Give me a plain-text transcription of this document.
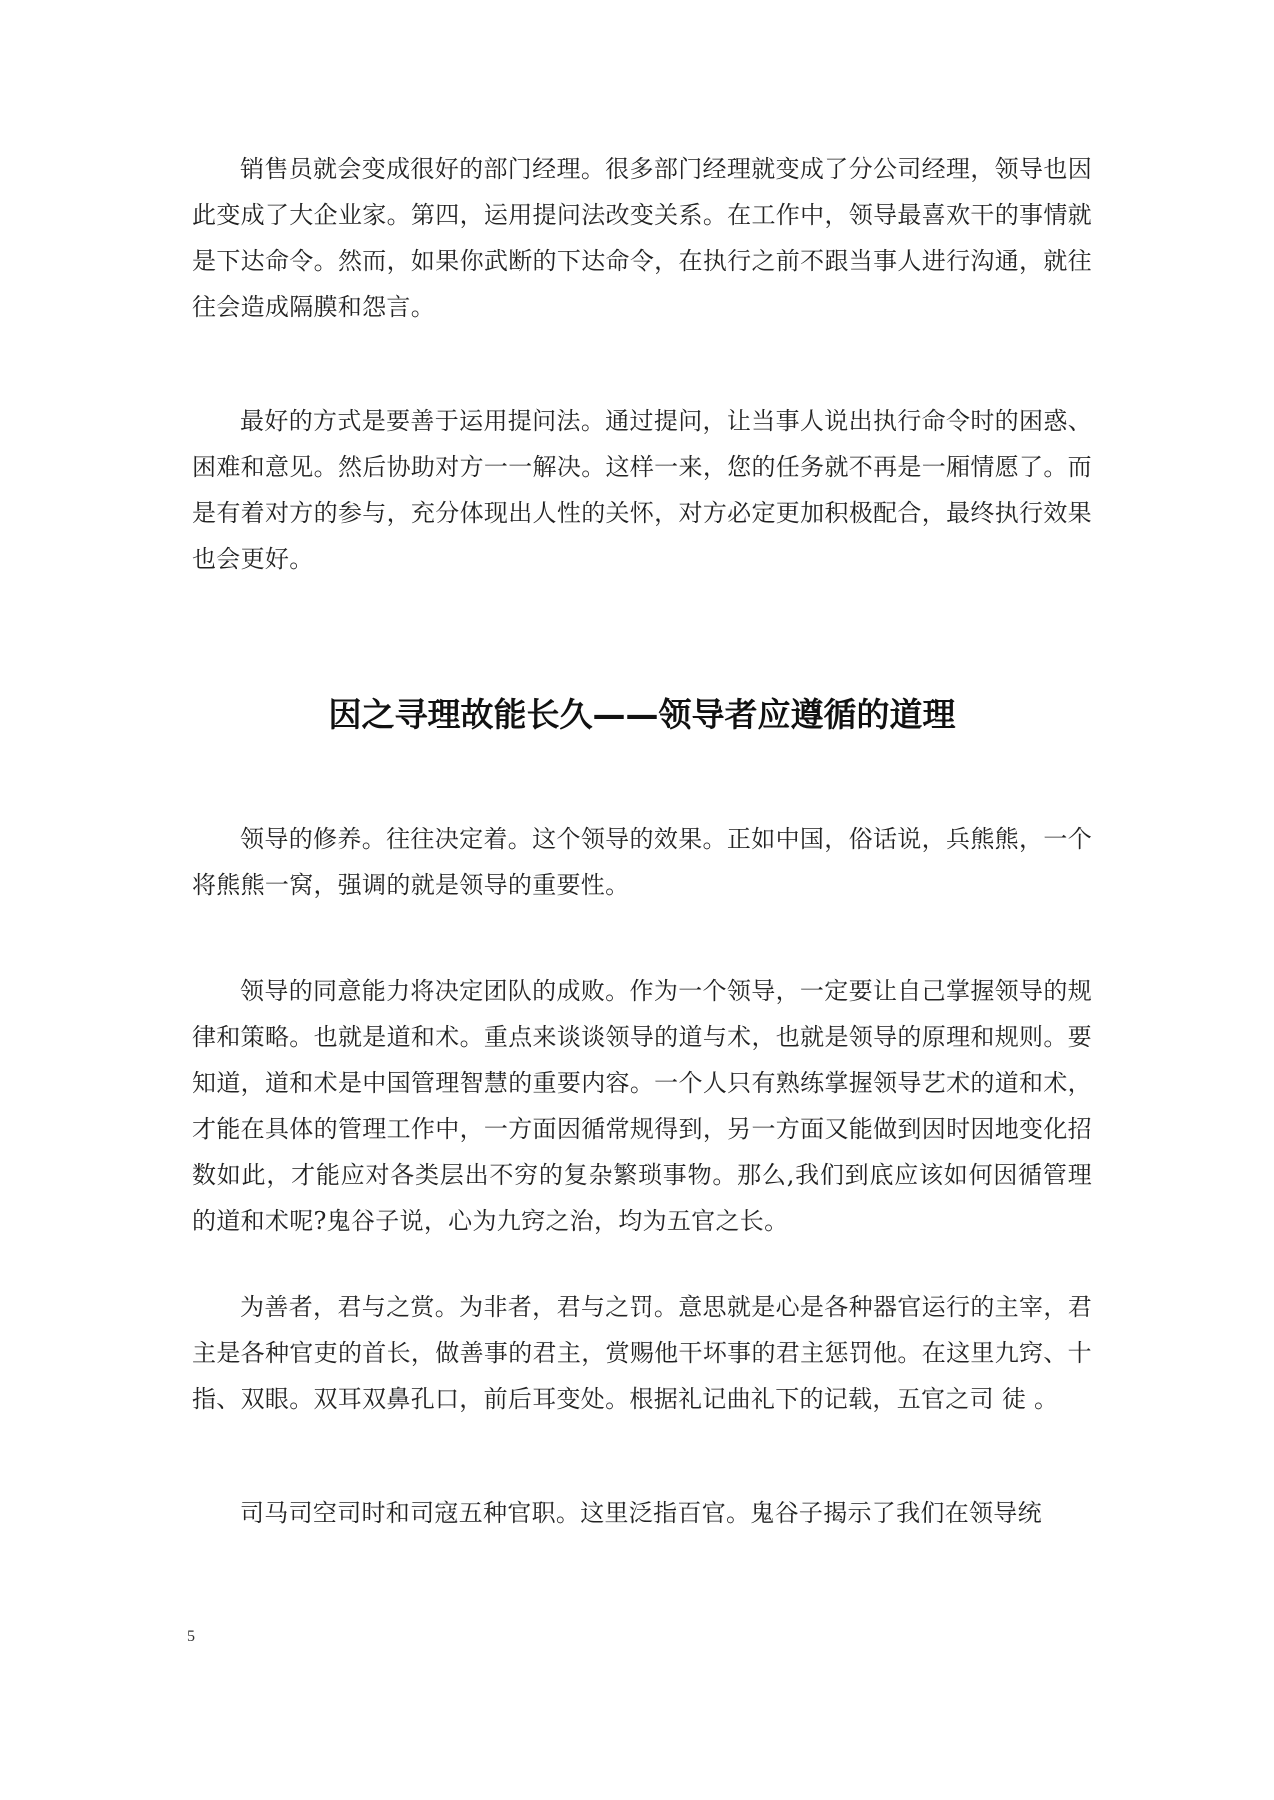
销售员就会变成很好的部门经理。很多部门经理就变成了分公司经理，领导也因此变成了大企业家。第四，运用提问法改变关系。在工作中，领导最喜欢干的事情就是下达命令。然而，如果你武断的下达命令，在执行之前不跟当事人进行沟通，就往往会造成隔膜和怨言。

最好的方式是要善于运用提问法。通过提问，让当事人说出执行命令时的困惑、困难和意见。然后协助对方一一解决。这样一来，您的任务就不再是一厢情愿了。而是有着对方的参与，充分体现出人性的关怀，对方必定更加积极配合，最终执行效果也会更好。

因之寻理故能长久——领导者应遵循的道理

领导的修养。往往决定着。这个领导的效果。正如中国，俗话说，兵熊熊，一个将熊熊一窝，强调的就是领导的重要性。

领导的同意能力将决定团队的成败。作为一个领导，一定要让自己掌握领导的规律和策略。也就是道和术。重点来谈谈领导的道与术，也就是领导的原理和规则。要知道，道和术是中国管理智慧的重要内容。一个人只有熟练掌握领导艺术的道和术，才能在具体的管理工作中，一方面因循常规得到，另一方面又能做到因时因地变化招数如此，才能应对各类层出不穷的复杂繁琐事物。那么,我们到底应该如何因循管理的道和术呢?鬼谷子说，心为九窍之治，均为五官之长。

为善者，君与之赏。为非者，君与之罚。意思就是心是各种器官运行的主宰，君主是各种官吏的首长，做善事的君主，赏赐他干坏事的君主惩罚他。在这里九窍、十指、双眼。双耳双鼻孔口，前后耳变处。根据礼记曲礼下的记载，五官之司 徒 。

司马司空司时和司寇五种官职。这里泛指百官。鬼谷子揭示了我们在领导统

5
